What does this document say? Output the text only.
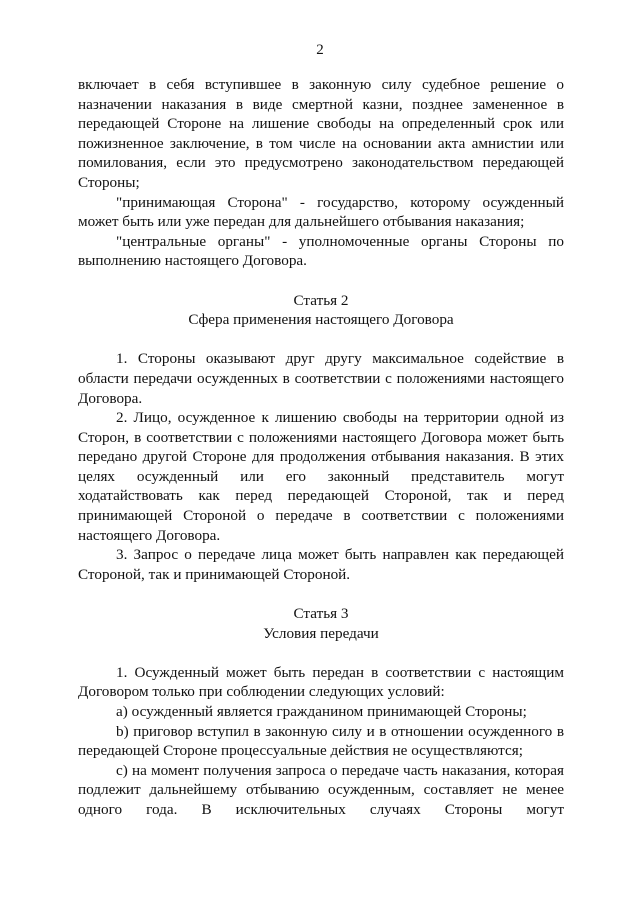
2

включает в себя вступившее в законную силу судебное решение о назначении наказания в виде смертной казни, позднее замененное в передающей Стороне на лишение свободы на определенный срок или пожизненное заключение, в том числе на основании акта амнистии или помилования, если это предусмотрено законодательством передающей Стороны;

"принимающая Сторона" - государство, которому осужденный может быть или уже передан для дальнейшего отбывания наказания;

"центральные органы" - уполномоченные органы Стороны по выполнению настоящего Договора.

Статья 2

Сфера применения настоящего Договора

1. Стороны оказывают друг другу максимальное содействие в области передачи осужденных в соответствии с положениями настоящего Договора.

2. Лицо, осужденное к лишению свободы на территории одной из Сторон, в соответствии с положениями настоящего Договора может быть передано другой Стороне для продолжения отбывания наказания. В этих целях осужденный или его законный представитель могут ходатайствовать как перед передающей Стороной, так и перед принимающей Стороной о передаче в соответствии с положениями настоящего Договора.

3. Запрос о передаче лица может быть направлен как передающей Стороной, так и принимающей Стороной.

Статья 3

Условия передачи

1. Осужденный может быть передан в соответствии с настоящим Договором только при соблюдении следующих условий:

а) осужденный является гражданином принимающей Стороны;

b) приговор вступил в законную силу и в отношении осужденного в передающей Стороне процессуальные действия не осуществляются;

c) на момент получения запроса о передаче часть наказания, которая подлежит дальнейшему отбыванию осужденным, составляет не менее одного года. В исключительных случаях Стороны могут
